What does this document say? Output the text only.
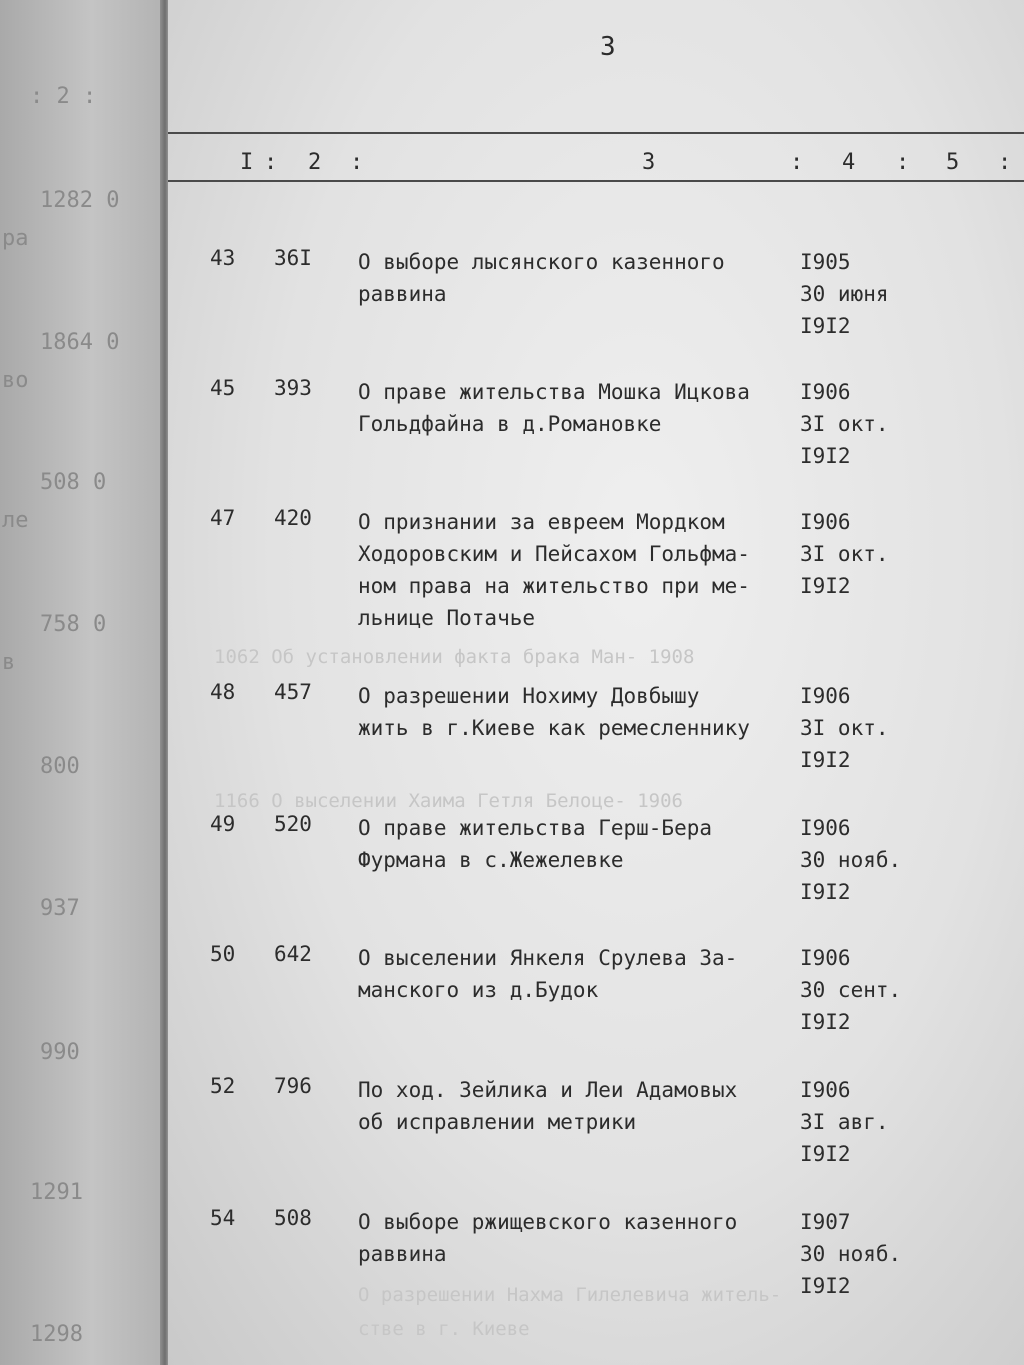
: 2 :
1282 0
ра
1864 0
во
508 0
ле
758 0
в
800
937
990
1291
1298
1062 Об установлении факта брака Ман- 1908
1166 О выселении Хаима Гетля Белоце- 1906
О разрешении Нахма Гилелевича житель-
стве в г. Киеве
3
I : 2 :	3	: 4 : 5 :
43 36I О выборе лысянского казенного
раввина
I905
30 июня
I9I2
45 393 О праве жительства Мошка Ицкова
Гольдфайна в д.Романовке
I906
3I окт.
I9I2
47 420 О признании за евреем Мордком
Ходоровским и Пейсахом Гольфма-
ном права на жительство при ме-
льнице Потачье
I906
3I окт.
I9I2
48 457 О разрешении Нохиму Довбышу
жить в г.Киеве как ремесленнику
I906
3I окт.
I9I2
49 520 О праве жительства Герш-Бера
Фурмана в с.Жежелевке
I906
30 нояб.
I9I2
50 642 О выселении Янкеля Срулева За-
манского из д.Будок
I906
30 сент.
I9I2
52 796 По ход. Зейлика и Леи Адамовых
об исправлении метрики
I906
3I авг.
I9I2
54 508 О выборе ржищевского казенного
раввина
I907
30 нояб.
I9I2
